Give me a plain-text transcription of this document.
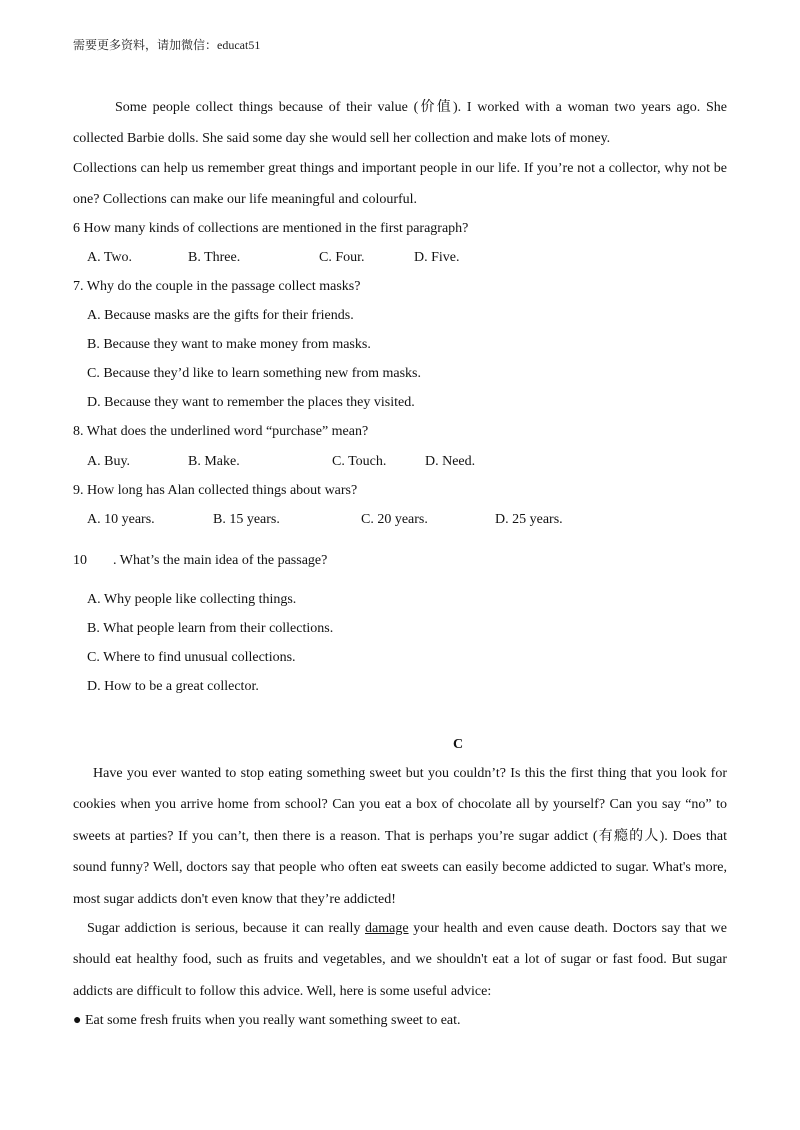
需要更多资料，请加微信：educat51
Some people collect things because of their value (价值). I worked with a woman two years ago. She
collected Barbie dolls. She said some day she would sell her collection and make lots of money.
Collections can help us remember great things and important people in our life. If you’re not a collector, why not be
one? Collections can make our life meaningful and colourful.
6 How many kinds of collections are mentioned in the first paragraph?
A. Two.	B. Three.	C. Four.	D. Five.
7. Why do the couple in the passage collect masks?
A. Because masks are the gifts for their friends.
B. Because they want to make money from masks.
C. Because they’d like to learn something new from masks.
D. Because they want to remember the places they visited.
8. What does the underlined word “purchase” mean?
A. Buy.	B. Make.	C. Touch.	D. Need.
9. How long has Alan collected things about wars?
A. 10 years.	B. 15 years.	C. 20 years.	D. 25 years.
10 . What’s the main idea of the passage?
A. Why people like collecting things.
B. What people learn from their collections.
C. Where to find unusual collections.
D. How to be a great collector.
C
Have you ever wanted to stop eating something sweet but you couldn’t? Is this the first thing that you look for
cookies when you arrive home from school? Can you eat a box of chocolate all by yourself? Can you say “no” to
sweets at parties? If you can’t, then there is a reason. That is perhaps you’re sugar addict (有瘾的人). Does that
sound funny? Well, doctors say that people who often eat sweets can easily become addicted to sugar. What's more,
most sugar addicts don't even know that they’re addicted!
Sugar addiction is serious, because it can really damage your health and even cause death. Doctors say that we
should eat healthy food, such as fruits and vegetables, and we shouldn't eat a lot of sugar or fast food. But sugar
addicts are difficult to follow this advice. Well, here is some useful advice:
● Eat some fresh fruits when you really want something sweet to eat.
